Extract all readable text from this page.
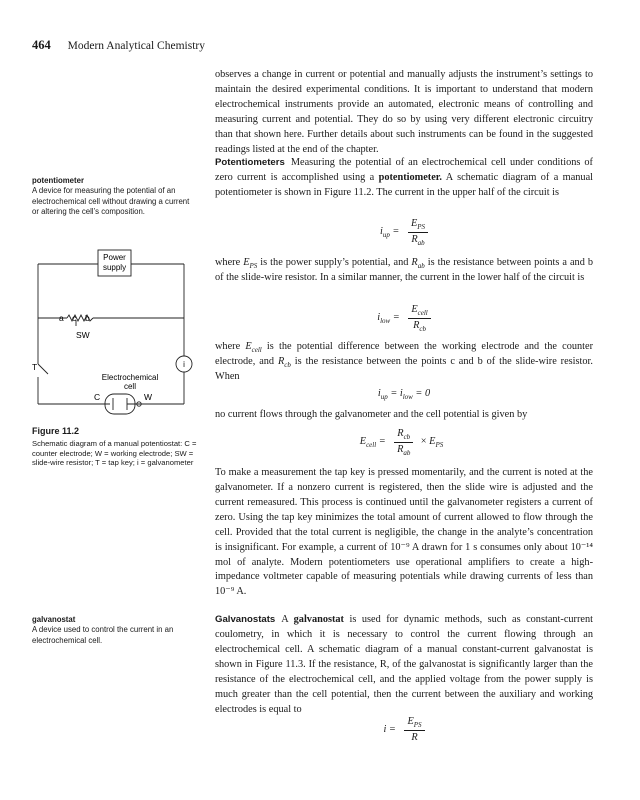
464 Modern Analytical Chemistry

observes a change in current or potential and manually adjusts the instrument’s settings to maintain the desired experimental conditions. It is important to understand that modern electrochemical instruments provide an automated, electronic means of controlling and measuring current and potential. They do so by using very different electronic circuitry than that shown here. Further details about such instruments can be found in the suggested readings listed at the end of the chapter.

Potentiometers Measuring the potential of an electrochemical cell under conditions of zero current is accomplished using a potentiometer. A schematic diagram of a manual potentiometer is shown in Figure 11.2. The current in the upper half of the circuit is

$i_{up} = \frac{E_{PS}}{R_{ab}}$

where $E_{PS}$ is the power supply’s potential, and $R_{ab}$ is the resistance between points a and b of the slide-wire resistor. In a similar manner, the current in the lower half of the circuit is

$i_{low} = \frac{E_{cell}}{R_{cb}}$

where $E_{cell}$ is the potential difference between the working electrode and the counter electrode, and $R_{cb}$ is the resistance between the points c and b of the slide-wire resistor. When

$i_{up} = i_{low} = 0$

no current flows through the galvanometer and the cell potential is given by

$E_{cell} = \frac{R_{cb}}{R_{ab}} \times E_{PS}$

To make a measurement the tap key is pressed momentarily, and the current is noted at the galvanometer. If a nonzero current is registered, then the slide wire is adjusted and the current remeasured. This process is continued until the galvanometer registers a current of zero. Using the tap key minimizes the total amount of current allowed to flow through the cell. Provided that the total current is negligible, the change in the analyte’s concentration is insignificant. For example, a current of 10⁻⁹ A drawn for 1 s consumes only about 10⁻¹⁴ mol of analyte. Modern potentiometers use operational amplifiers to create a high-impedance voltmeter capable of measuring potentials while drawing currents of less than 10⁻⁹ A.

Galvanostats A galvanostat is used for dynamic methods, such as constant-current coulometry, in which it is necessary to control the current flowing through an electrochemical cell. A schematic diagram of a manual constant-current galvanostat is shown in Figure 11.3. If the resistance, R, of the galvanostat is significantly larger than the resistance of the electrochemical cell, and the applied voltage from the power supply is much greater than the cell potential, then the current between the auxiliary and working electrodes is equal to

$i = \frac{E_{PS}}{R}$
potentiometer
A device for measuring the potential of an electrochemical cell without drawing a current or altering the cell’s composition.
Power
supply
a c b
SW
T	i
Electrochemical
cell
C	W
Figure 11.2
Schematic diagram of a manual potentiostat: C = counter electrode; W = working electrode; SW = slide-wire resistor; T = tap key; i = galvanometer
galvanostat
A device used to control the current in an electrochemical cell.
